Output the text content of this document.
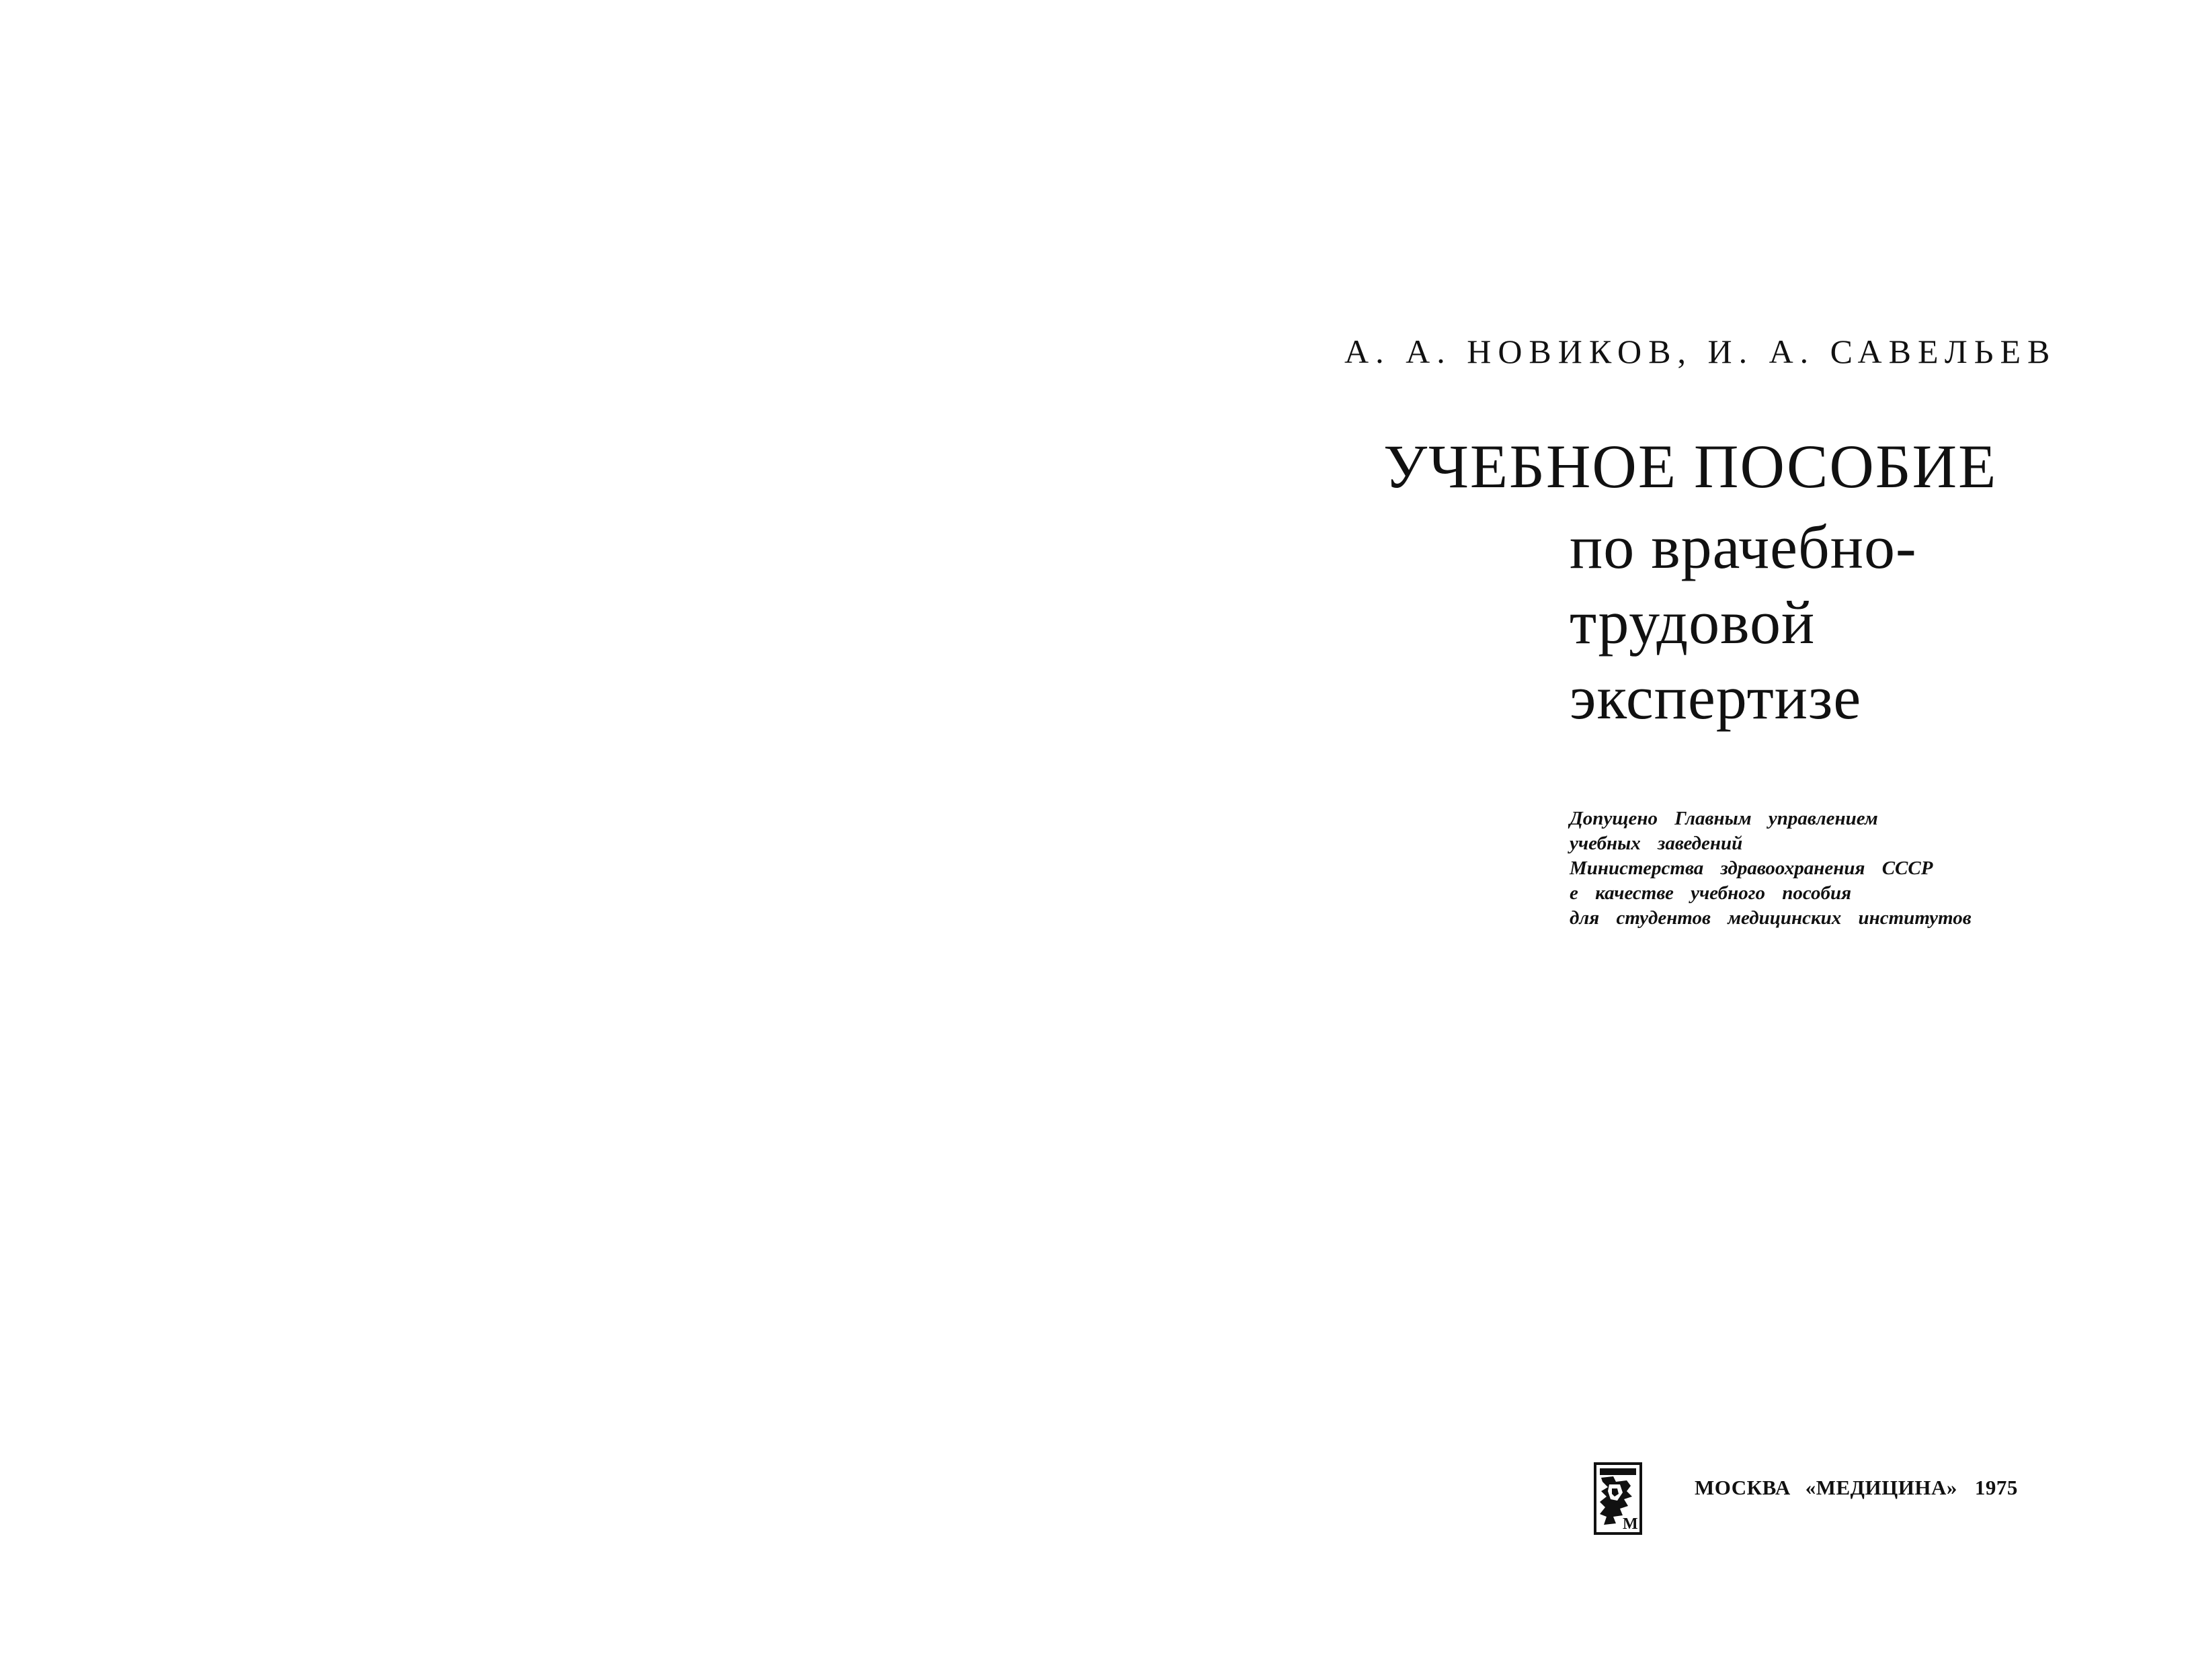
А. А. НОВИКОВ, И. А. САВЕЛЬЕВ
УЧЕБНОЕ ПОСОБИЕ
по врачебно-
трудовой
экспертизе
Допущено Главным управлением
учебных заведений
Министерства здравоохранения СССР
е качестве учебного пособия
для студентов медицинских институтов
М
МОСКВА «МЕДИЦИНА» 1975
